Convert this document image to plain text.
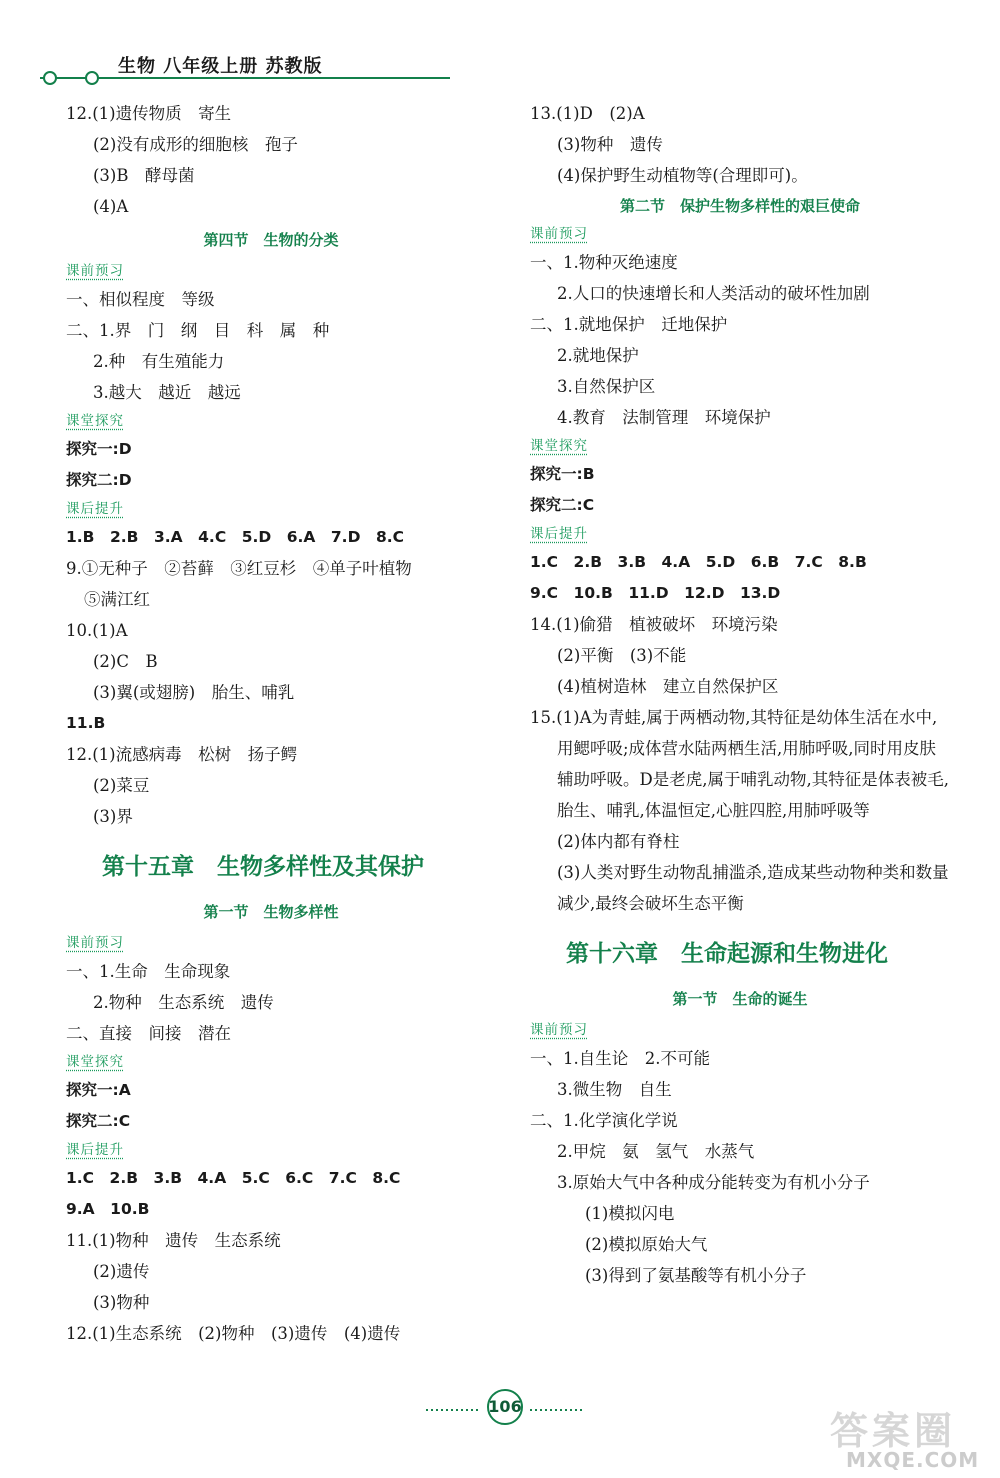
生物 八年级上册 苏教版
12.(1)遗传物质　寄生
(2)没有成形的细胞核　孢子
(3)B　酵母菌
(4)A
第四节　生物的分类
课前预习
一、相似程度　等级
二、1.界　门　纲　目　科　属　种
2.种　有生殖能力
3.越大　越近　越远
课堂探究
探究一:D
探究二:D
课后提升
1.B　2.B　3.A　4.C　5.D　6.A　7.D　8.C
9.①无种子　②苔藓　③红豆杉　④单子叶植物
⑤满江红
10.(1)A
(2)C　B
(3)翼(或翅膀)　胎生、哺乳
11.B
12.(1)流感病毒　松树　扬子鳄
(2)菜豆
(3)界
第十五章　生物多样性及其保护
第一节　生物多样性
课前预习
一、1.生命　生命现象
2.物种　生态系统　遗传
二、直接　间接　潜在
课堂探究
探究一:A
探究二:C
课后提升
1.C　2.B　3.B　4.A　5.C　6.C　7.C　8.C
9.A　10.B
11.(1)物种　遗传　生态系统
(2)遗传
(3)物种
12.(1)生态系统　(2)物种　(3)遗传　(4)遗传
13.(1)D　(2)A
(3)物种　遗传
(4)保护野生动植物等(合理即可)。
第二节　保护生物多样性的艰巨使命
课前预习
一、1.物种灭绝速度
2.人口的快速增长和人类活动的破坏性加剧
二、1.就地保护　迁地保护
2.就地保护
3.自然保护区
4.教育　法制管理　环境保护
课堂探究
探究一:B
探究二:C
课后提升
1.C　2.B　3.B　4.A　5.D　6.B　7.C　8.B
9.C　10.B　11.D　12.D　13.D
14.(1)偷猎　植被破坏　环境污染
(2)平衡　(3)不能
(4)植树造林　建立自然保护区
15.(1)A为青蛙,属于两栖动物,其特征是幼体生活在水中,用鳃呼吸;成体营水陆两栖生活,用肺呼吸,同时用皮肤辅助呼吸。D是老虎,属于哺乳动物,其特征是体表被毛,胎生、哺乳,体温恒定,心脏四腔,用肺呼吸等
(2)体内都有脊柱
(3)人类对野生动物乱捕滥杀,造成某些动物种类和数量减少,最终会破坏生态平衡
第十六章　生命起源和生物进化
第一节　生命的诞生
课前预习
一、1.自生论　2.不可能
3.微生物　自生
二、1.化学演化学说
2.甲烷　氨　氢气　水蒸气
3.原始大气中各种成分能转变为有机小分子
(1)模拟闪电
(2)模拟原始大气
(3)得到了氨基酸等有机小分子
106
答案圈
MXQE.COM
